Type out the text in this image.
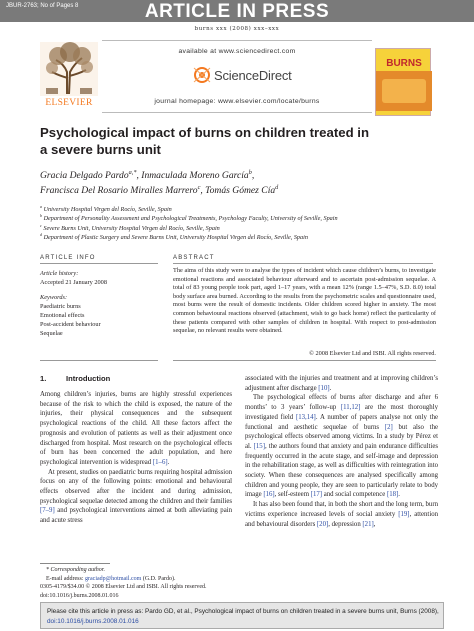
JBUR-2763; No of Pages 8	ARTICLE IN PRESS
burns xxx (2008) xxx–xxx
ELSEVIER
available at www.sciencedirect.com
ScienceDirect
journal homepage: www.elsevier.com/locate/burns
BURNS
Psychological impact of burns on children treated in
a severe burns unit
Gracia Delgado Pardo$^{a,*}$, Inmaculada Moreno García$^b$,
Francisca Del Rosario Miralles Marrero$^c$, Tomás Gómez Cía$^d$
$^a$ University Hospital Virgen del Rocío, Seville, Spain
$^b$ Department of Personality Assessment and Psychological Treatments, Psychology Faculty, University of Seville, Spain
$^c$ Severe Burns Unit, University Hospital Virgen del Rocío, Seville, Spain
$^d$ Department of Plastic Surgery and Severe Burns Unit, University Hospital Virgen del Rocío, Seville, Spain
ARTICLE INFO
Article history:
Accepted 21 January 2008
Keywords:
Paediatric burns
Emotional effects
Post-accident behaviour
Sequelae
ABSTRACT
The aims of this study were to analyse the types of incident which cause children’s burns, to investigate emotional reactions and associated behaviour afterward and to ascertain post-admission sequelae. A total of 83 young people took part, aged 1–17 years, with a mean 12% (range 1.5–47%, S.D. 8.0) total body surface area burned. According to the results from the psychometric scales and questionnaire used, most burns were the result of domestic incidents. Older children scored higher in anxiety. The most common behavioural reactions observed (attachment, wish to go back home) reflect the particularity of these patients compared with other samples of children in hospital. With respect to post-admission sequelae, no relevant results were obtained.
© 2008 Elsevier Ltd and ISBI. All rights reserved.
1.	Introduction

Among children’s injuries, burns are highly stressful experiences because of the risk to which the child is exposed, the nature of the injuries, their physical consequences and the subsequent psychological reactions of the child. All these factors affect the prognosis and evolution of patients as well as their adjustment once discharged from hospital. Most research on the psychological effects of burn has been concerned the adult population, and here psychological intervention is widespread [1–6].

At present, studies on paediatric burns requiring hospital admission focus on any of the following points: emotional and behavioural effects observed after the incident and during admission, psychological sequelae detected among the children and their families [7–9] and psychological interventions aimed at both alleviating pain and acute stress

associated with the injuries and treatment and at improving children’s adjustment after discharge [10].

The psychological effects of burns after discharge and after 6 months’ to 3 years’ follow-up [11,12] are the most thoroughly investigated field [13,14]. A number of papers analyse not only the functional and aesthetic sequelae of burns [2] but also the psychological effects observed among victims. In a study by Pérez et al. [15], the authors found that anxiety and pain endurance difficulties frequently occurred in the acute stage, and self-image and depression in the rehabilitation stage, as well as difficulties with reintegration into society. When these consequences are analysed specifically among children and young people, they are seen to particularly relate to body image [16], self-esteem [17] and social competence [18].

It has also been found that, in both the short and the long term, burn victims experience increased levels of social anxiety [19], attention and behavioural disorders [20], depression [21],

* Corresponding author.
E-mail address: graciadp@hotmail.com (G.D. Pardo).
0305-4179/$34.00 © 2008 Elsevier Ltd and ISBI. All rights reserved.
doi:10.1016/j.burns.2008.01.016
Please cite this article in press as: Pardo GD, et al., Psychological impact of burns on children treated in a severe burns unit, Burns (2008),
doi:10.1016/j.burns.2008.01.016
